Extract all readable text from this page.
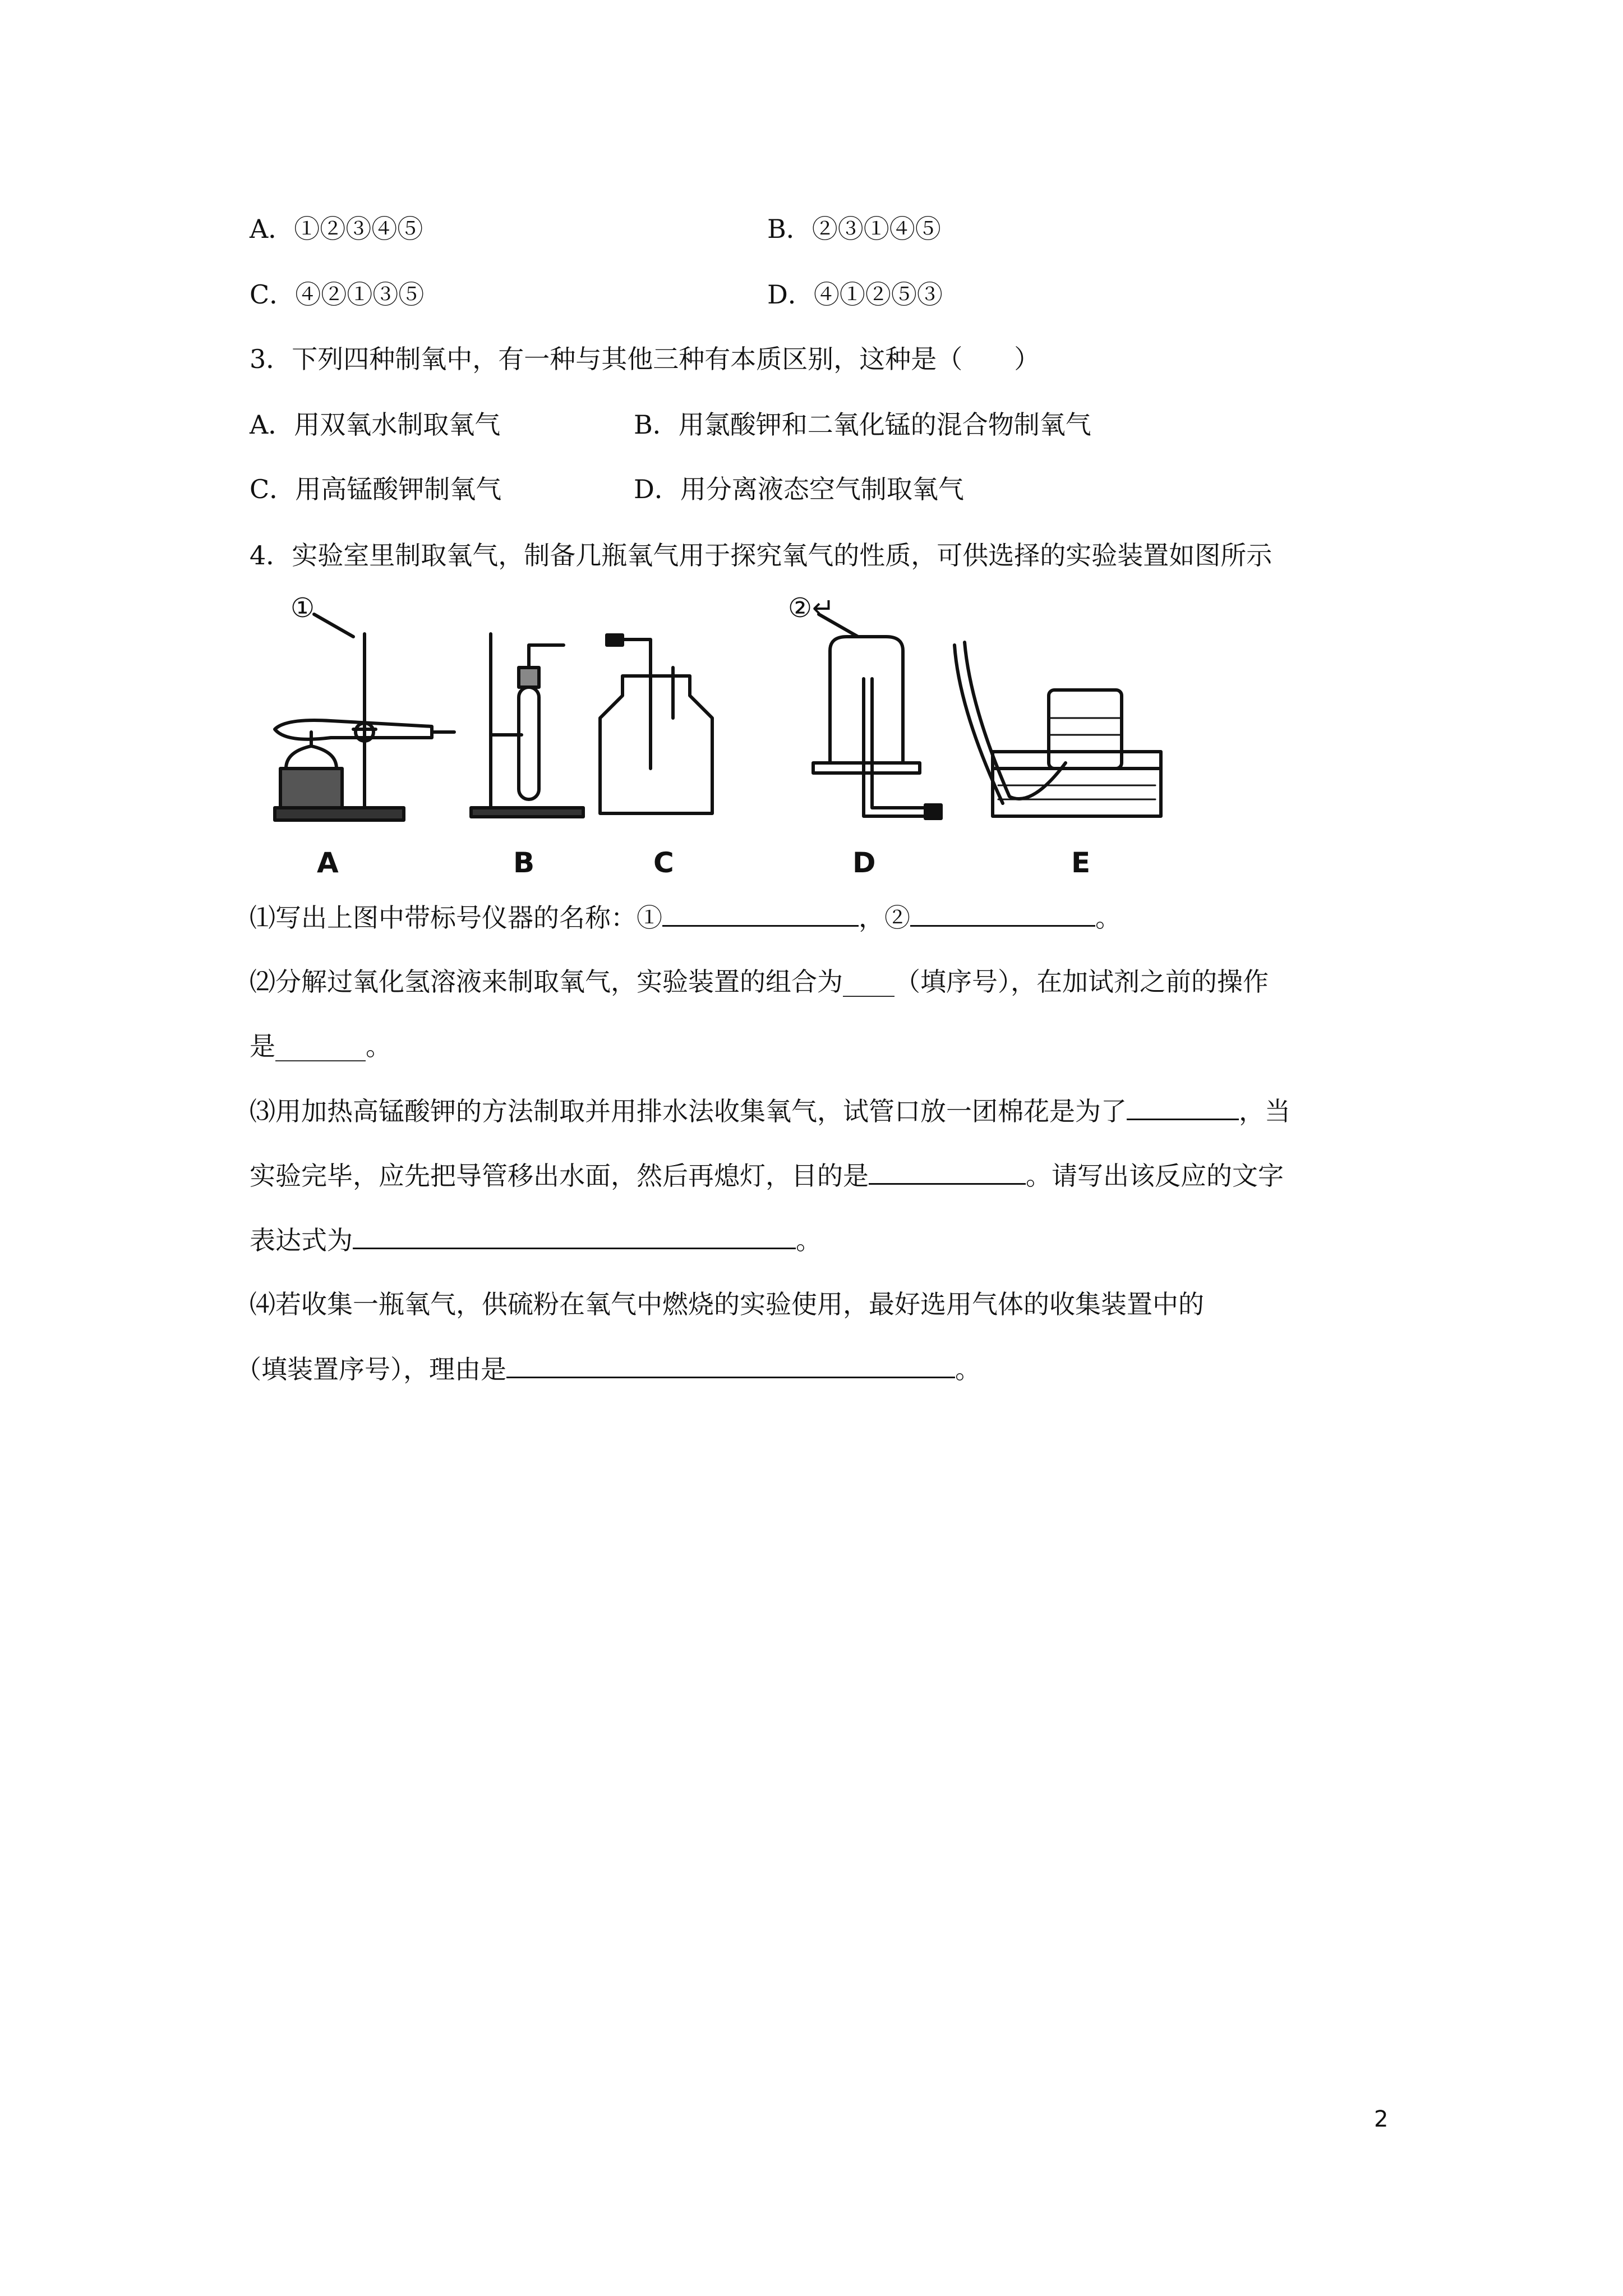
A．①②③④⑤	B．②③①④⑤
C．④②①③⑤	D．④①②⑤③
3．下列四种制氧中，有一种与其他三种有本质区别，这种是（　　）
A．用双氧水制取氧气	B．用氯酸钾和二氧化锰的混合物制氧气
C．用高锰酸钾制氧气	D．用分离液态空气制取氧气
4．实验室里制取氧气，制备几瓶氧气用于探究氧气的性质，可供选择的实验装置如图所示
①	②↵
A	B	C	D	E
⑴写出上图中带标号仪器的名称：①	，②	。
⑵分解过氧化氢溶液来制取氧气，实验装置的组合为____（填序号），在加试剂之前的操作
是_______。
⑶用加热高锰酸钾的方法制取并用排水法收集氧气，试管口放一团棉花是为了	，当
实验完毕，应先把导管移出水面，然后再熄灯，目的是	。请写出该反应的文字
表达式为	。
⑷若收集一瓶氧气，供硫粉在氧气中燃烧的实验使用，最好选用气体的收集装置中的
（填装置序号），理由是	。
2
